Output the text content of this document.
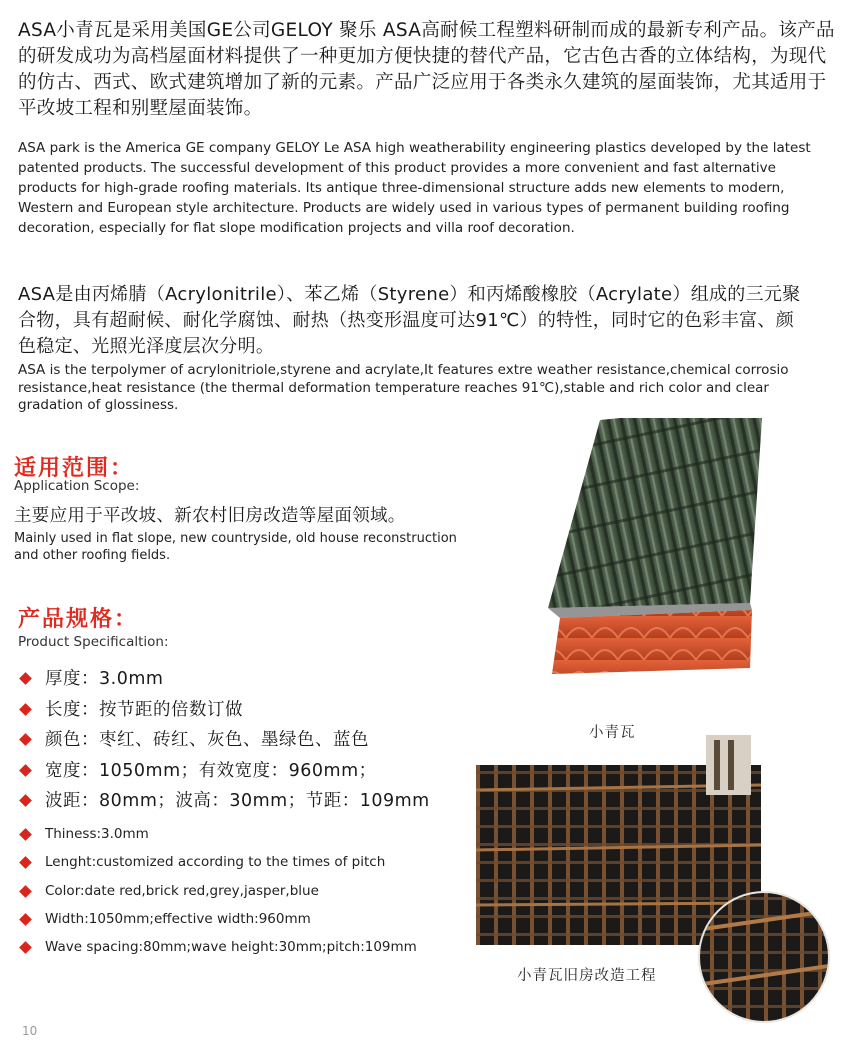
ASA小青瓦是采用美国GE公司GELOY 聚乐 ASA高耐候工程塑料研制而成的最新专利产品。该产品的研发成功为高档屋面材料提供了一种更加方便快捷的替代产品，它古色古香的立体结构，为现代的仿古、西式、欧式建筑增加了新的元素。产品广泛应用于各类永久建筑的屋面装饰，尤其适用于平改坡工程和别墅屋面装饰。
ASA park is the America GE company GELOY Le ASA high weatherability engineering plastics developed by the latest patented products. The successful development of this product provides a more convenient and fast alternative products for high-grade roofing materials. Its antique three-dimensional structure adds new elements to modern, Western and European style architecture. Products are widely used in various types of permanent building roofing decoration, especially for flat slope modification projects and villa roof decoration.
ASA是由丙烯腈（Acrylonitrile）、苯乙烯（Styrene）和丙烯酸橡胶（Acrylate）组成的三元聚合物，具有超耐候、耐化学腐蚀、耐热（热变形温度可达91℃）的特性，同时它的色彩丰富、颜色稳定、光照光泽度层次分明。
ASA is the terpolymer of acrylonitriole,styrene and acrylate,It features extre weather resistance,chemical corrosio resistance,heat resistance (the thermal deformation temperature reaches 91℃),stable and rich color and clear gradation of glossiness.
适用范围：
Application Scope:
主要应用于平改坡、新农村旧房改造等屋面领域。
Mainly used in flat slope, new countryside, old house reconstruction and other roofing fields.
产品规格：
Product Specificaltion:
厚度：3.0mm
长度：按节距的倍数订做
颜色：枣红、砖红、灰色、墨绿色、蓝色
宽度：1050mm；有效宽度：960mm；
波距：80mm；波高：30mm；节距：109mm
Thiness:3.0mm
Lenght:customized according to the times of pitch
Color:date red,brick red,grey,jasper,blue
Width:1050mm;effective width:960mm
Wave spacing:80mm;wave height:30mm;pitch:109mm
小青瓦
小青瓦旧房改造工程
10
